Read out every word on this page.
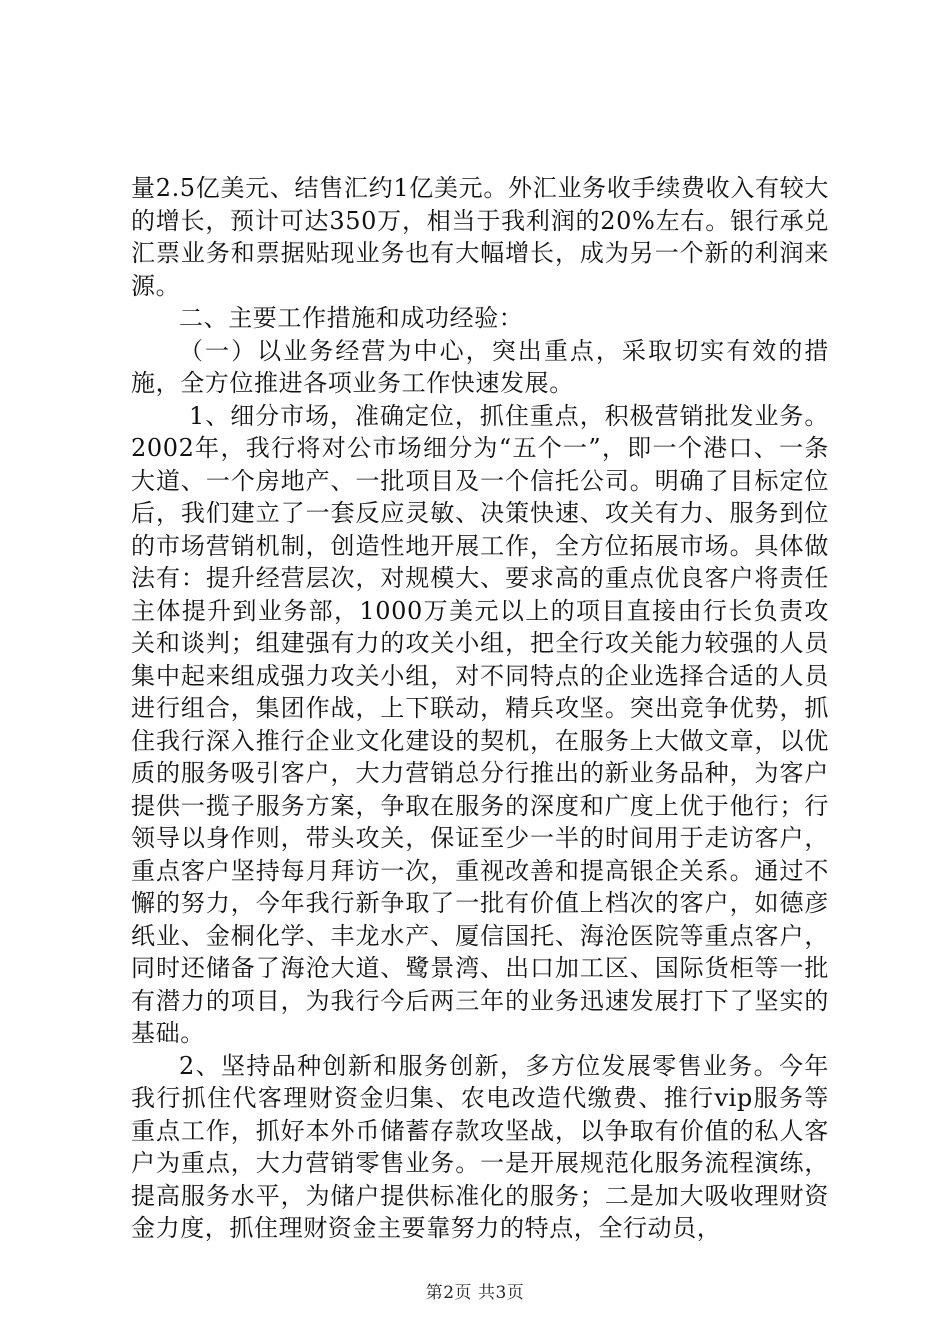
量2.5亿美元、结售汇约1亿美元。外汇业务收手续费收入有较大的增长，预计可达350万，相当于我利润的20%左右。银行承兑汇票业务和票据贴现业务也有大幅增长，成为另一个新的利润来源。

二、主要工作措施和成功经验：

（一）以业务经营为中心，突出重点，采取切实有效的措施，全方位推进各项业务工作快速发展。

1、细分市场，准确定位，抓住重点，积极营销批发业务。2002年，我行将对公市场细分为“五个一”，即一个港口、一条大道、一个房地产、一批项目及一个信托公司。明确了目标定位后，我们建立了一套反应灵敏、决策快速、攻关有力、服务到位的市场营销机制，创造性地开展工作，全方位拓展市场。具体做法有：提升经营层次，对规模大、要求高的重点优良客户将责任主体提升到业务部，1000万美元以上的项目直接由行长负责攻关和谈判；组建强有力的攻关小组，把全行攻关能力较强的人员集中起来组成强力攻关小组，对不同特点的企业选择合适的人员进行组合，集团作战，上下联动，精兵攻坚。突出竞争优势，抓住我行深入推行企业文化建设的契机，在服务上大做文章，以优质的服务吸引客户，大力营销总分行推出的新业务品种，为客户提供一揽子服务方案，争取在服务的深度和广度上优于他行；行领导以身作则，带头攻关，保证至少一半的时间用于走访客户，重点客户坚持每月拜访一次，重视改善和提高银企关系。通过不懈的努力，今年我行新争取了一批有价值上档次的客户，如德彦纸业、金桐化学、丰龙水产、厦信国托、海沧医院等重点客户，同时还储备了海沧大道、鹭景湾、出口加工区、国际货柜等一批有潜力的项目，为我行今后两三年的业务迅速发展打下了坚实的基础。

2、坚持品种创新和服务创新，多方位发展零售业务。今年我行抓住代客理财资金归集、农电改造代缴费、推行vip服务等重点工作，抓好本外币储蓄存款攻坚战，以争取有价值的私人客户为重点，大力营销零售业务。一是开展规范化服务流程演练，提高服务水平，为储户提供标准化的服务；二是加大吸收理财资金力度，抓住理财资金主要靠努力的特点，全行动员，

第2页 共3页
